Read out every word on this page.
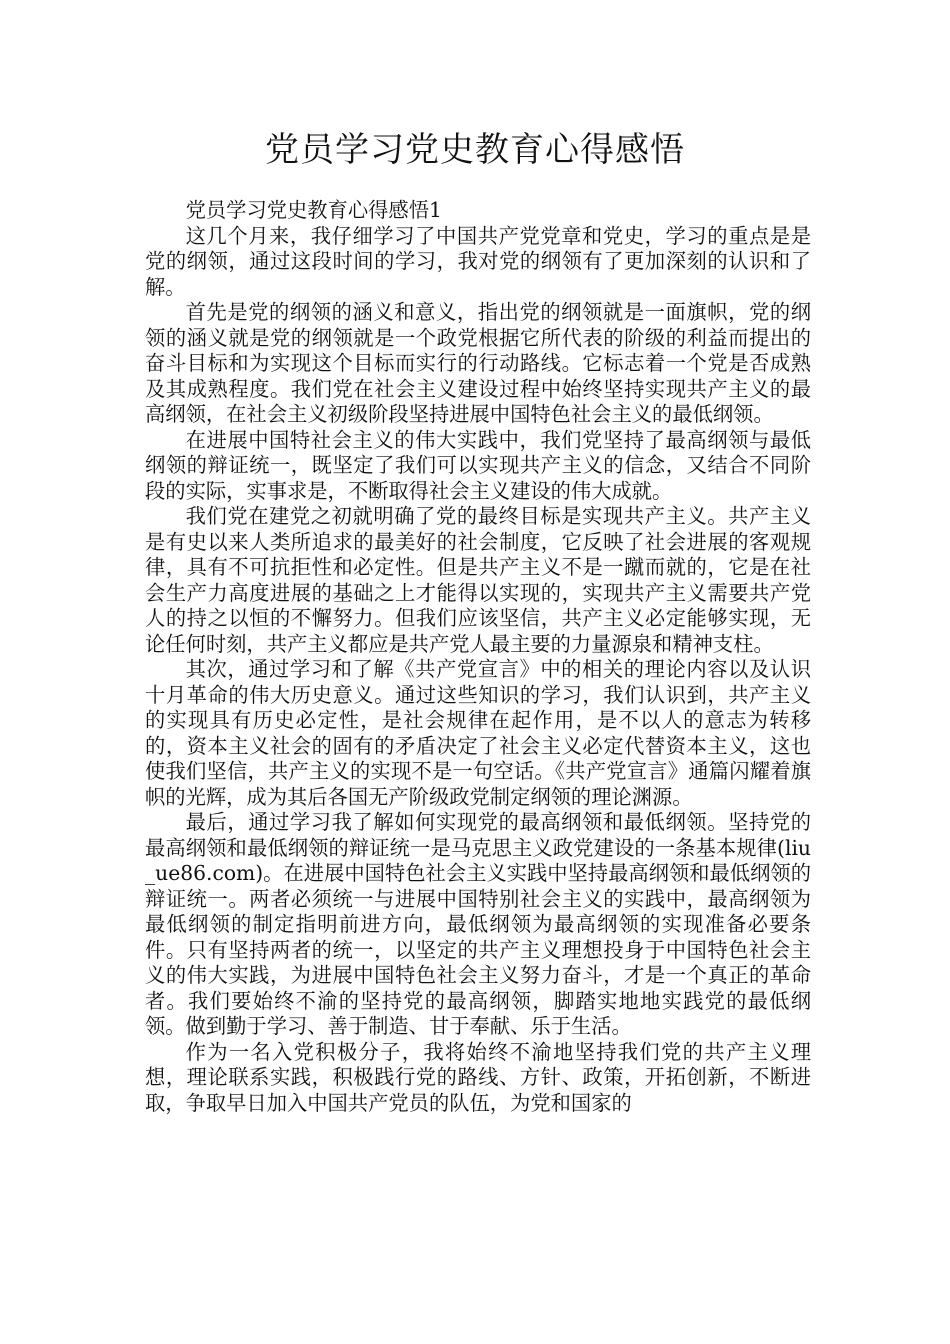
党员学习党史教育心得感悟

党员学习党史教育心得感悟1

这几个月来，我仔细学习了中国共产党党章和党史，学习的重点是是党的纲领，通过这段时间的学习，我对党的纲领有了更加深刻的认识和了解。

首先是党的纲领的涵义和意义，指出党的纲领就是一面旗帜，党的纲领的涵义就是党的纲领就是一个政党根据它所代表的阶级的利益而提出的奋斗目标和为实现这个目标而实行的行动路线。它标志着一个党是否成熟及其成熟程度。我们党在社会主义建设过程中始终坚持实现共产主义的最高纲领，在社会主义初级阶段坚持进展中国特色社会主义的最低纲领。

在进展中国特社会主义的伟大实践中，我们党坚持了最高纲领与最低纲领的辩证统一，既坚定了我们可以实现共产主义的信念，又结合不同阶段的实际，实事求是，不断取得社会主义建设的伟大成就。

我们党在建党之初就明确了党的最终目标是实现共产主义。共产主义是有史以来人类所追求的最美好的社会制度，它反映了社会进展的客观规律，具有不可抗拒性和必定性。但是共产主义不是一蹴而就的，它是在社会生产力高度进展的基础之上才能得以实现的，实现共产主义需要共产党人的持之以恒的不懈努力。但我们应该坚信，共产主义必定能够实现，无论任何时刻，共产主义都应是共产党人最主要的力量源泉和精神支柱。

其次，通过学习和了解《共产党宣言》中的相关的理论内容以及认识十月革命的伟大历史意义。通过这些知识的学习，我们认识到，共产主义的实现具有历史必定性，是社会规律在起作用，是不以人的意志为转移的，资本主义社会的固有的矛盾决定了社会主义必定代替资本主义，这也使我们坚信，共产主义的实现不是一句空话。《共产党宣言》通篇闪耀着旗帜的光辉，成为其后各国无产阶级政党制定纲领的理论渊源。

最后，通过学习我了解如何实现党的最高纲领和最低纲领。坚持党的最高纲领和最低纲领的辩证统一是马克思主义政党建设的一条基本规律(liu_ue86.com)。在进展中国特色社会主义实践中坚持最高纲领和最低纲领的辩证统一。两者必须统一与进展中国特别社会主义的实践中，最高纲领为最低纲领的制定指明前进方向，最低纲领为最高纲领的实现准备必要条件。只有坚持两者的统一，以坚定的共产主义理想投身于中国特色社会主义的伟大实践，为进展中国特色社会主义努力奋斗，才是一个真正的革命者。我们要始终不渝的坚持党的最高纲领，脚踏实地地实践党的最低纲领。做到勤于学习、善于制造、甘于奉献、乐于生活。

作为一名入党积极分子，我将始终不渝地坚持我们党的共产主义理想，理论联系实践，积极践行党的路线、方针、政策，开拓创新，不断进取，争取早日加入中国共产党员的队伍，为党和国家的
